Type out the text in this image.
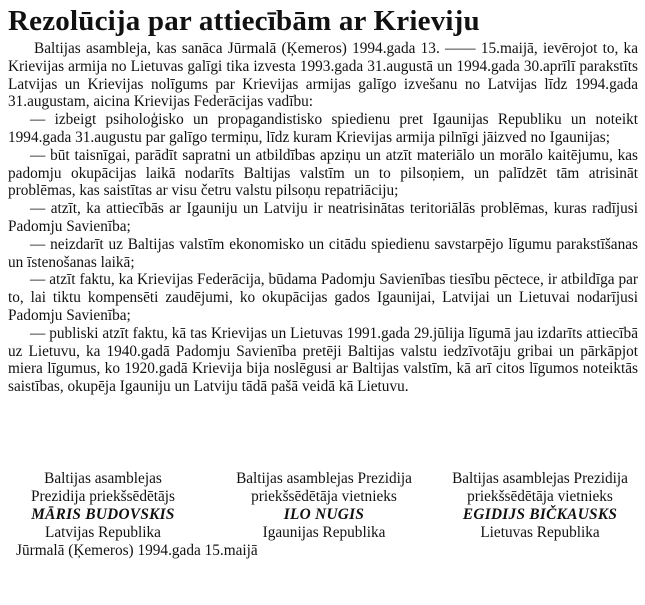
Rezolūcija par attiecībām ar Krieviju

Baltijas asambleja, kas sanāca Jūrmalā (Ķemeros) 1994.gada 13. —— 15.maijā, ievērojot to, ka Krievijas armija no Lietuvas galīgi tika izvesta 1993.gada 31.augustā un 1994.gada 30.aprīlī parakstīts Latvijas un Krievijas nolīgums par Krievijas armijas galīgo izvešanu no Latvijas līdz 1994.gada 31.augustam, aicina Krievijas Federācijas vadību:

— izbeigt psiholoģisko un propagandistisko spiedienu pret Igaunijas Republiku un noteikt 1994.gada 31.augustu par galīgo termiņu, līdz kuram Krievijas armija pilnīgi jāizved no Igaunijas;

— būt taisnīgai, parādīt sapratni un atbildības apziņu un atzīt materiālo un morālo kaitējumu, kas padomju okupācijas laikā nodarīts Baltijas valstīm un to pilsoņiem, un palīdzēt tām atrisināt problēmas, kas saistītas ar visu četru valstu pilsoņu repatriāciju;

— atzīt, ka attiecībās ar Igauniju un Latviju ir neatrisinātas teritoriālās problēmas, kuras radījusi Padomju Savienība;

— neizdarīt uz Baltijas valstīm ekonomisko un citādu spiedienu savstarpējo līgumu parakstīšanas un īstenošanas laikā;

— atzīt faktu, ka Krievijas Federācija, būdama Padomju Savienības tiesību pēctece, ir atbildīga par to, lai tiktu kompensēti zaudējumi, ko okupācijas gados Igaunijai, Latvijai un Lietuvai nodarījusi Padomju Savienība;

— publiski atzīt faktu, kā tas Krievijas un Lietuvas 1991.gada 29.jūlija līgumā jau izdarīts attiecībā uz Lietuvu, ka 1940.gadā Padomju Savienība pretēji Baltijas valstu iedzīvotāju gribai un pārkāpjot miera līgumus, ko 1920.gadā Krievija bija noslēgusi ar Baltijas valstīm, kā arī citos līgumos noteiktās saistības, okupēja Igauniju un Latviju tādā pašā veidā kā Lietuvu.

Baltijas asamblejas
Prezidija priekšsēdētājs
MĀRIS BUDOVSKIS
Latvijas Republika
Jūrmalā (Ķemeros) 1994.gada 15.maijā
Baltijas asamblejas Prezidija
priekšsēdētāja vietnieks
ILO NUGIS
Igaunijas Republika
Baltijas asamblejas Prezidija
priekšsēdētāja vietnieks
EGIDIJS BIČKAUSKS
Lietuvas Republika
